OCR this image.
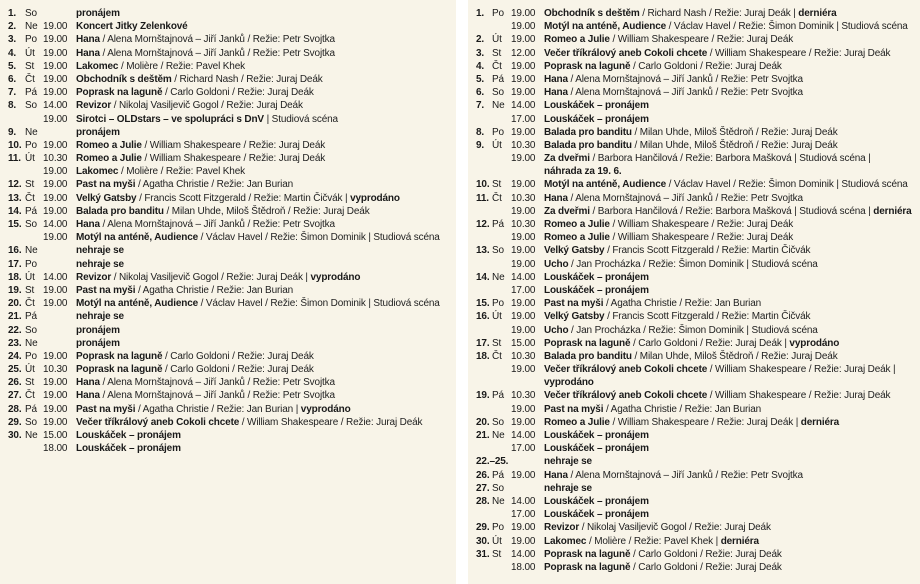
1. So	pronájem
2. Ne 19.00 Koncert Jitky Zelenkové
3. Po 19.00 Hana / Alena Mornštajnová – Jiří Janků / Režie: Petr Svojtka
4. Út 19.00 Hana / Alena Mornštajnová – Jiří Janků / Režie: Petr Svojtka
5. St 19.00 Lakomec / Molière / Režie: Pavel Khek
6. Čt 19.00 Obchodník s deštěm / Richard Nash / Režie: Juraj Deák
7. Pá 19.00 Poprask na laguně / Carlo Goldoni / Režie: Juraj Deák
8. So 14.00 Revizor / Nikolaj Vasiljevič Gogol / Režie: Juraj Deák
19.00 Sirotci – OLDstars – ve spolupráci s DnV | Studiová scéna
9. Ne	pronájem
10. Po 19.00 Romeo a Julie / William Shakespeare / Režie: Juraj Deák
11. Út 10.30 Romeo a Julie / William Shakespeare / Režie: Juraj Deák
19.00 Lakomec / Molière / Režie: Pavel Khek
12. St 19.00 Past na myši / Agatha Christie / Režie: Jan Burian
13. Čt 19.00 Velký Gatsby / Francis Scott Fitzgerald / Režie: Martin Čičvák | vyprodáno
14. Pá 19.00 Balada pro banditu / Milan Uhde, Miloš Štědroň / Režie: Juraj Deák
15. So 14.00 Hana / Alena Mornštajnová – Jiří Janků / Režie: Petr Svojtka
19.00 Motýl na anténě, Audience / Václav Havel / Režie: Šimon Dominik | Studiová scéna
16. Ne	nehraje se
17. Po	nehraje se
18. Út 14.00 Revizor / Nikolaj Vasiljevič Gogol / Režie: Juraj Deák | vyprodáno
19. St 19.00 Past na myši / Agatha Christie / Režie: Jan Burian
20. Čt 19.00 Motýl na anténě, Audience / Václav Havel / Režie: Šimon Dominik | Studiová scéna
21. Pá	nehraje se
22. So	pronájem
23. Ne	pronájem
24. Po 19.00 Poprask na laguně / Carlo Goldoni / Režie: Juraj Deák
25. Út 10.30 Poprask na laguně / Carlo Goldoni / Režie: Juraj Deák
26. St 19.00 Hana / Alena Mornštajnová – Jiří Janků / Režie: Petr Svojtka
27. Čt 19.00 Hana / Alena Mornštajnová – Jiří Janků / Režie: Petr Svojtka
28. Pá 19.00 Past na myši / Agatha Christie / Režie: Jan Burian | vyprodáno
29. So 19.00 Večer tříkrálový aneb Cokoli chcete / William Shakespeare / Režie: Juraj Deák
30. Ne 15.00 Louskáček – pronájem
18.00 Louskáček – pronájem
1. Po 19.00 Obchodník s deštěm / Richard Nash / Režie: Juraj Deák | derniéra
19.00 Motýl na anténě, Audience / Václav Havel / Režie: Šimon Dominik | Studiová scéna
2. Út 19.00 Romeo a Julie / William Shakespeare / Režie: Juraj Deák
3. St 12.00 Večer tříkrálový aneb Cokoli chcete / William Shakespeare / Režie: Juraj Deák
4. Čt 19.00 Poprask na laguně / Carlo Goldoni / Režie: Juraj Deák
5. Pá 19.00 Hana / Alena Mornštajnová – Jiří Janků / Režie: Petr Svojtka
6. So 19.00 Hana / Alena Mornštajnová – Jiří Janků / Režie: Petr Svojtka
7. Ne 14.00 Louskáček – pronájem
17.00 Louskáček – pronájem
8. Po 19.00 Balada pro banditu / Milan Uhde, Miloš Štědroň / Režie: Juraj Deák
9. Út 10.30 Balada pro banditu / Milan Uhde, Miloš Štědroň / Režie: Juraj Deák
19.00 Za dveřmi / Barbora Hančilová / Režie: Barbora Mašková | Studiová scéna |
náhrada za 19. 6.
10. St 19.00 Motýl na anténě, Audience / Václav Havel / Režie: Šimon Dominik | Studiová scéna
11. Čt 10.30 Hana / Alena Mornštajnová – Jiří Janků / Režie: Petr Svojtka
19.00 Za dveřmi / Barbora Hančilová / Režie: Barbora Mašková | Studiová scéna | derniéra
12. Pá 10.30 Romeo a Julie / William Shakespeare / Režie: Juraj Deák
19.00 Romeo a Julie / William Shakespeare / Režie: Juraj Deák
13. So 19.00 Velký Gatsby / Francis Scott Fitzgerald / Režie: Martin Čičvák
19.00 Ucho / Jan Procházka / Režie: Šimon Dominik | Studiová scéna
14. Ne 14.00 Louskáček – pronájem
17.00 Louskáček – pronájem
15. Po 19.00 Past na myši / Agatha Christie / Režie: Jan Burian
16. Út 19.00 Velký Gatsby / Francis Scott Fitzgerald / Režie: Martin Čičvák
19.00 Ucho / Jan Procházka / Režie: Šimon Dominik | Studiová scéna
17. St 15.00 Poprask na laguně / Carlo Goldoni / Režie: Juraj Deák | vyprodáno
18. Čt 10.30 Balada pro banditu / Milan Uhde, Miloš Štědroň / Režie: Juraj Deák
19.00 Večer tříkrálový aneb Cokoli chcete / William Shakespeare / Režie: Juraj Deák |
vyprodáno
19. Pá 10.30 Večer tříkrálový aneb Cokoli chcete / William Shakespeare / Režie: Juraj Deák
19.00 Past na myši / Agatha Christie / Režie: Jan Burian
20. So 19.00 Romeo a Julie / William Shakespeare / Režie: Juraj Deák | derniéra
21. Ne 14.00 Louskáček – pronájem
17.00 Louskáček – pronájem
22.–25.	nehraje se
26. Pá 19.00 Hana / Alena Mornštajnová – Jiří Janků / Režie: Petr Svojtka
27. So	nehraje se
28. Ne 14.00 Louskáček – pronájem
17.00 Louskáček – pronájem
29. Po 19.00 Revizor / Nikolaj Vasiljevič Gogol / Režie: Juraj Deák
30. Út 19.00 Lakomec / Molière / Režie: Pavel Khek | derniéra
31. St 14.00 Poprask na laguně / Carlo Goldoni / Režie: Juraj Deák
18.00 Poprask na laguně / Carlo Goldoni / Režie: Juraj Deák
